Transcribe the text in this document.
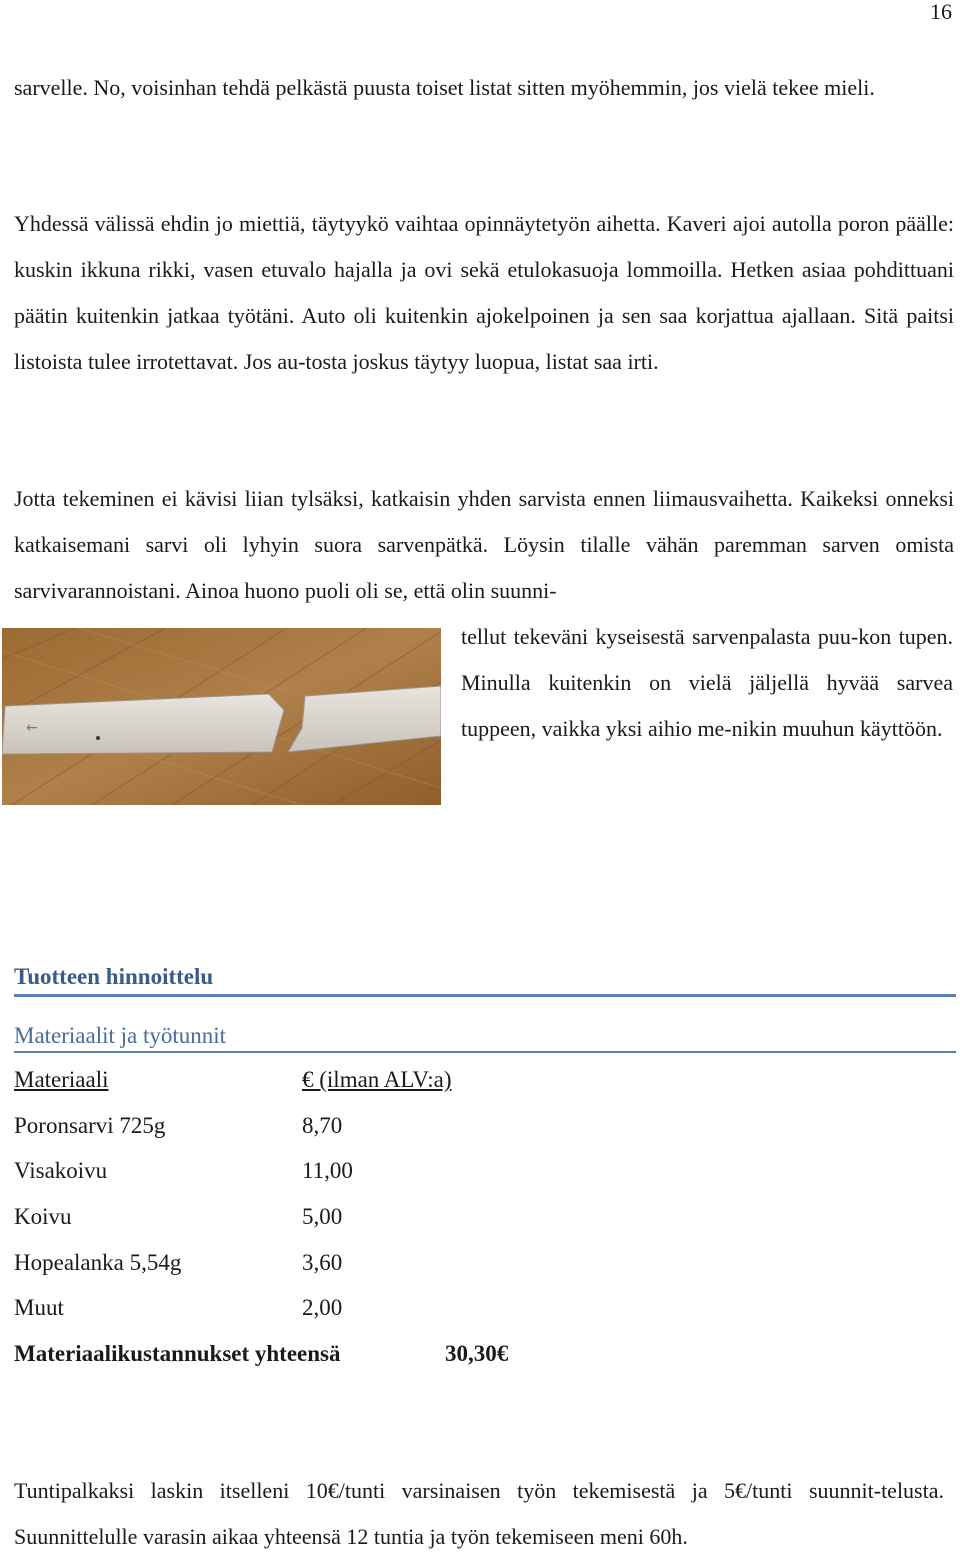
16

sarvelle. No, voisinhan tehdä pelkästä puusta toiset listat sitten myöhemmin, jos vielä tekee mieli.

Yhdessä välissä ehdin jo miettiä, täytyykö vaihtaa opinnäytetyön aihetta. Kaveri ajoi autolla poron päälle: kuskin ikkuna rikki, vasen etuvalo hajalla ja ovi sekä etulokasuoja lommoilla. Hetken asiaa pohdittuani päätin kuitenkin jatkaa työtäni. Auto oli kuitenkin ajokelpoinen ja sen saa korjattua ajallaan. Sitä paitsi listoista tulee irrotettavat. Jos au-tosta joskus täytyy luopua, listat saa irti.

Jotta tekeminen ei kävisi liian tylsäksi, katkaisin yhden sarvista ennen liimausvaihetta. Kaikeksi onneksi katkaisemani sarvi oli lyhyin suora sarvenpätkä. Löysin tilalle vähän paremman sarven omista sarvivarannoistani. Ainoa huono puoli oli se, että olin suunni-

←

tellut tekeväni kyseisestä sarvenpalasta puu-kon tupen. Minulla kuitenkin on vielä jäljellä hyvää sarvea tuppeen, vaikka yksi aihio me-nikin muuhun käyttöön.

Tuotteen hinnoittelu
Materiaalit ja työtunnit
Materiaali	€ (ilman ALV:a)
Poronsarvi 725g	8,70
Visakoivu	11,00
Koivu	5,00
Hopealanka 5,54g	3,60
Muut	2,00
Materiaalikustannukset yhteensä	30,30€

Tuntipalkaksi laskin itselleni 10€/tunti varsinaisen työn tekemisestä ja 5€/tunti suunnit-telusta. Suunnittelulle varasin aikaa yhteensä 12 tuntia ja työn tekemiseen meni 60h.
